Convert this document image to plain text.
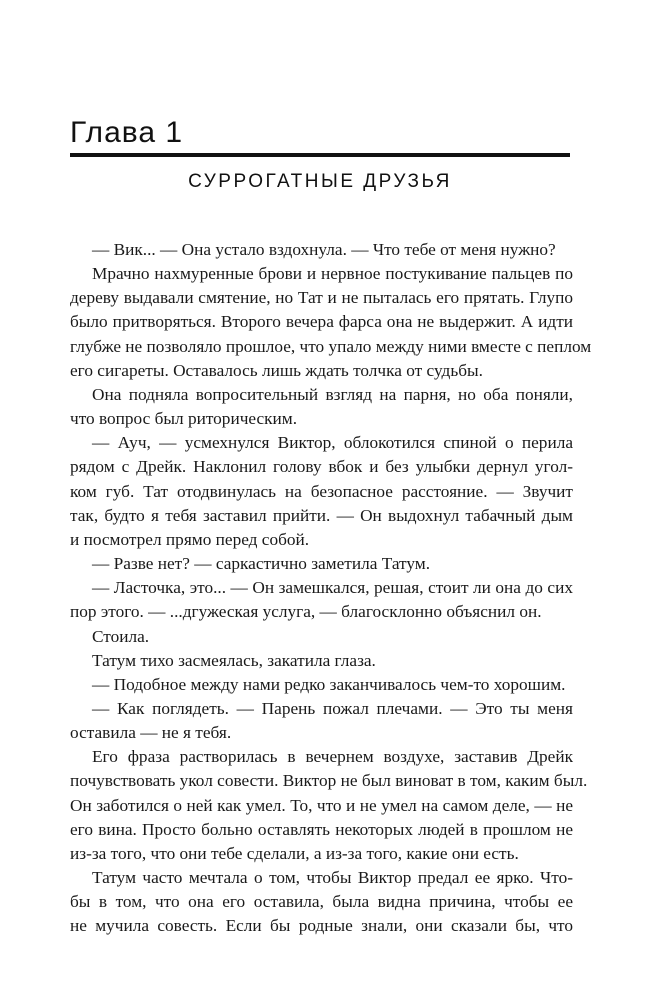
Глава 1
СУРРОГАТНЫЕ ДРУЗЬЯ
— Вик... — Она устало вздохнула. — Что тебе от меня нужно?
Мрачно нахмуренные брови и нервное постукивание пальцев по
дереву выдавали смятение, но Тат и не пыталась его прятать. Глупо
было притворяться. Второго вечера фарса она не выдержит. А идти
глубже не позволяло прошлое, что упало между ними вместе с пеплом
его сигареты. Оставалось лишь ждать толчка от судьбы.
Она подняла вопросительный взгляд на парня, но оба поняли,
что вопрос был риторическим.
— Ауч, — усмехнулся Виктор, облокотился спиной о перила
рядом с Дрейк. Наклонил голову вбок и без улыбки дернул угол-
ком губ. Тат отодвинулась на безопасное расстояние. — Звучит
так, будто я тебя заставил прийти. — Он выдохнул табачный дым
и посмотрел прямо перед собой.
— Разве нет? — саркастично заметила Татум.
— Ласточка, это... — Он замешкался, решая, стоит ли она до сих
пор этого. — ...дгужеская услуга, — благосклонно объяснил он.
Стоила.
Татум тихо засмеялась, закатила глаза.
— Подобное между нами редко заканчивалось чем-то хорошим.
— Как поглядеть. — Парень пожал плечами. — Это ты меня
оставила — не я тебя.
Его фраза растворилась в вечернем воздухе, заставив Дрейк
почувствовать укол совести. Виктор не был виноват в том, каким был.
Он заботился о ней как умел. То, что и не умел на самом деле, — не
его вина. Просто больно оставлять некоторых людей в прошлом не
из-за того, что они тебе сделали, а из-за того, какие они есть.
Татум часто мечтала о том, чтобы Виктор предал ее ярко. Что-
бы в том, что она его оставила, была видна причина, чтобы ее
не мучила совесть. Если бы родные знали, они сказали бы, что
